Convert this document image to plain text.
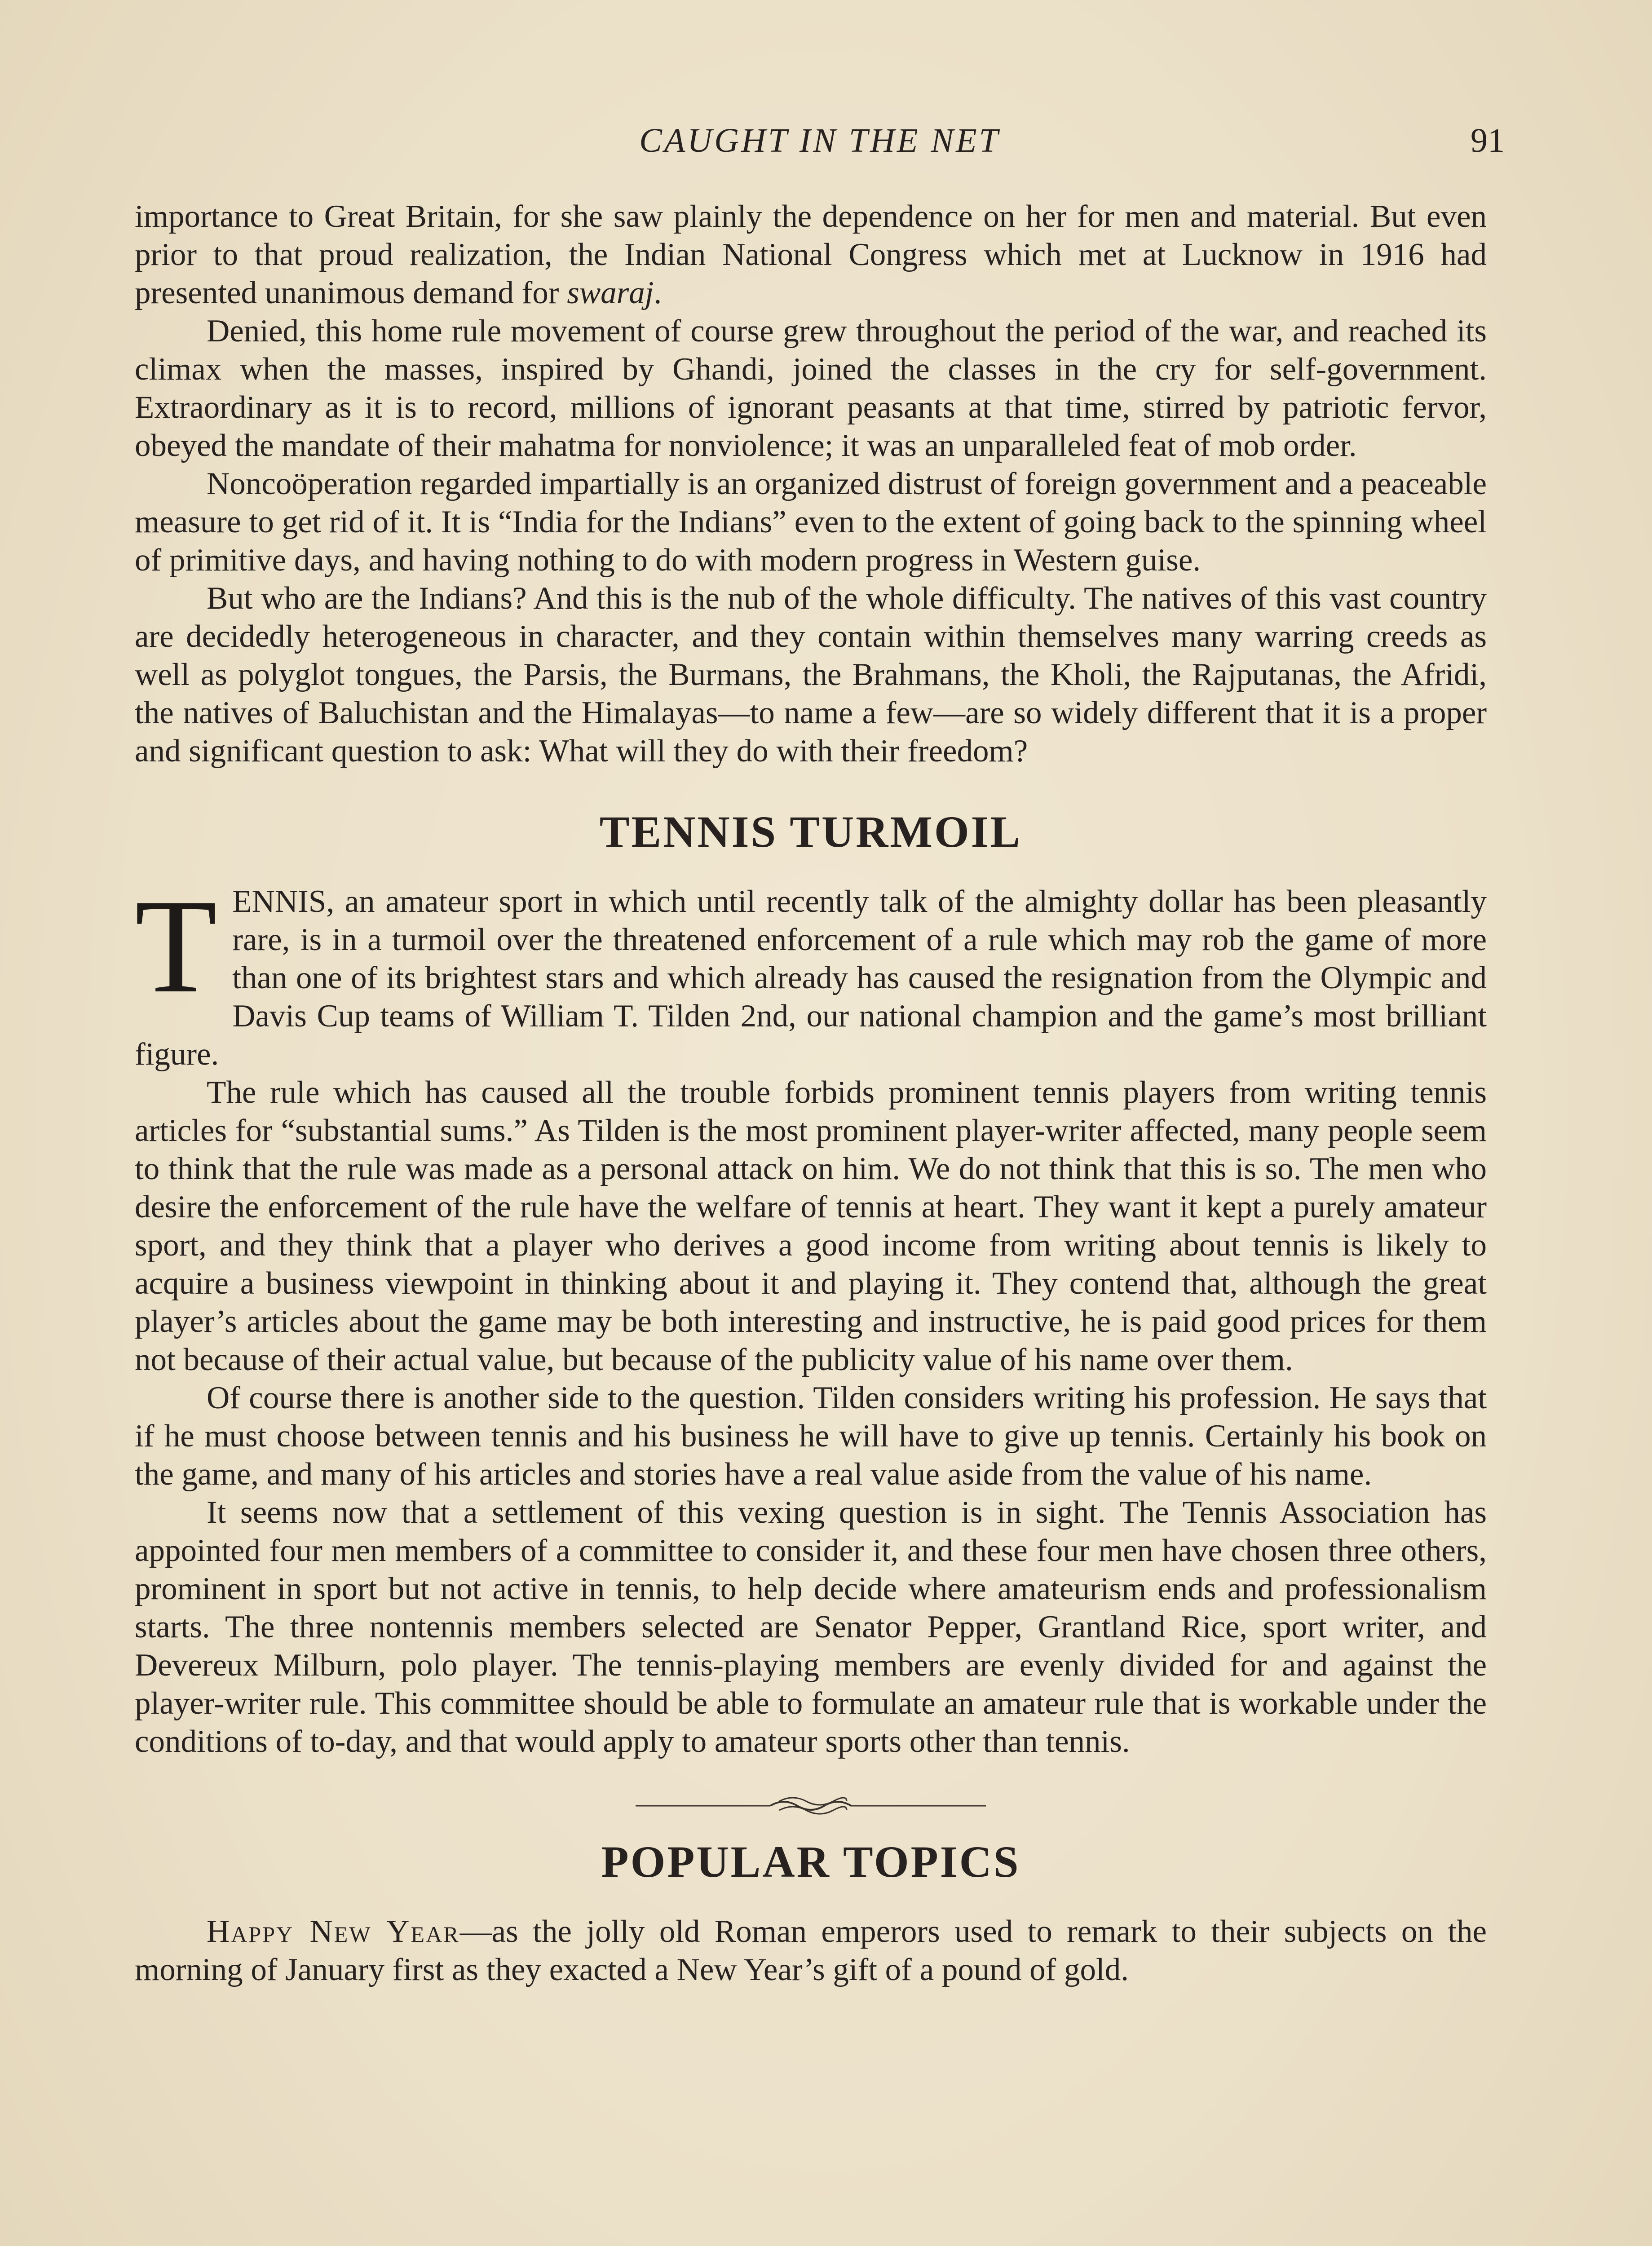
CAUGHT IN THE NET	91

importance to Great Britain, for she saw plainly the dependence on her for men and material. But even prior to that proud realization, the Indian National Congress which met at Lucknow in 1916 had presented unanimous demand for swaraj.

Denied, this home rule movement of course grew throughout the period of the war, and reached its climax when the masses, inspired by Ghandi, joined the classes in the cry for self-government. Extraordinary as it is to record, millions of ignorant peasants at that time, stirred by patriotic fervor, obeyed the mandate of their mahatma for nonviolence; it was an unparalleled feat of mob order.

Noncoöperation regarded impartially is an organized distrust of foreign government and a peaceable measure to get rid of it. It is “India for the Indians” even to the extent of going back to the spinning wheel of primitive days, and having nothing to do with modern progress in Western guise.

But who are the Indians? And this is the nub of the whole difficulty. The natives of this vast country are decidedly heterogeneous in character, and they contain within themselves many warring creeds as well as polyglot tongues, the Parsis, the Burmans, the Brahmans, the Kholi, the Rajputanas, the Afridi, the natives of Baluchistan and the Himalayas—to name a few—are so widely different that it is a proper and significant question to ask: What will they do with their freedom?

TENNIS TURMOIL

TENNIS, an amateur sport in which until recently talk of the almighty dollar has been pleasantly rare, is in a turmoil over the threatened enforcement of a rule which may rob the game of more than one of its brightest stars and which already has caused the resignation from the Olympic and Davis Cup teams of William T. Tilden 2nd, our national champion and the game’s most brilliant figure.

The rule which has caused all the trouble forbids prominent tennis players from writing tennis articles for “substantial sums.” As Tilden is the most prominent player-writer affected, many people seem to think that the rule was made as a personal attack on him. We do not think that this is so. The men who desire the enforcement of the rule have the welfare of tennis at heart. They want it kept a purely amateur sport, and they think that a player who derives a good income from writing about tennis is likely to acquire a business viewpoint in thinking about it and playing it. They contend that, although the great player’s articles about the game may be both interesting and instructive, he is paid good prices for them not because of their actual value, but because of the publicity value of his name over them.

Of course there is another side to the question. Tilden considers writing his profession. He says that if he must choose between tennis and his business he will have to give up tennis. Certainly his book on the game, and many of his articles and stories have a real value aside from the value of his name.

It seems now that a settlement of this vexing question is in sight. The Tennis Association has appointed four men members of a committee to consider it, and these four men have chosen three others, prominent in sport but not active in tennis, to help decide where amateurism ends and professionalism starts. The three nontennis members selected are Senator Pepper, Grantland Rice, sport writer, and Devereux Milburn, polo player. The tennis-playing members are evenly divided for and against the player-writer rule. This committee should be able to formulate an amateur rule that is workable under the conditions of to-day, and that would apply to amateur sports other than tennis.

POPULAR TOPICS

Happy New Year—as the jolly old Roman emperors used to remark to their subjects on the morning of January first as they exacted a New Year’s gift of a pound of gold.
